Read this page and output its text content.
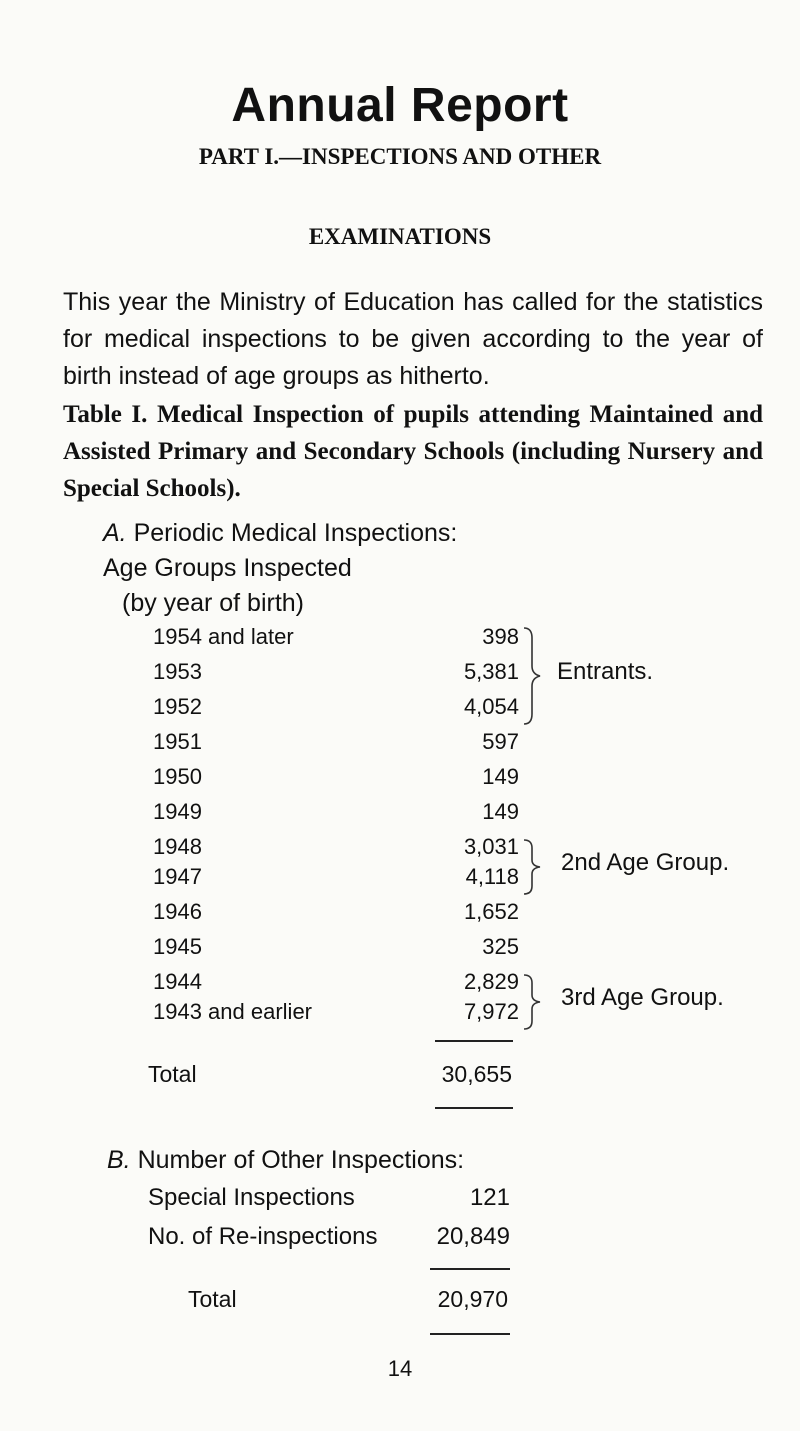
Annual Report
PART I.—INSPECTIONS AND OTHER
EXAMINATIONS
This year the Ministry of Education has called for the statistics for medical inspections to be given according to the year of birth instead of age groups as hitherto.
Table I. Medical Inspection of pupils attending Maintained and Assisted Primary and Secondary Schools (including Nursery and Special Schools).
A. Periodic Medical Inspections:
Age Groups Inspected
(by year of birth)
1954 and later	398
1953	5,381
1952	4,054
1951	597
1950	149
1949	149
1948	3,031
1947	4,118
1946	1,652
1945	325
1944	2,829
1943 and earlier	7,972
Entrants.
2nd Age Group.
3rd Age Group.
Total	30,655
B. Number of Other Inspections:
Special Inspections	121
No. of Re-inspections	20,849
Total	20,970
14
